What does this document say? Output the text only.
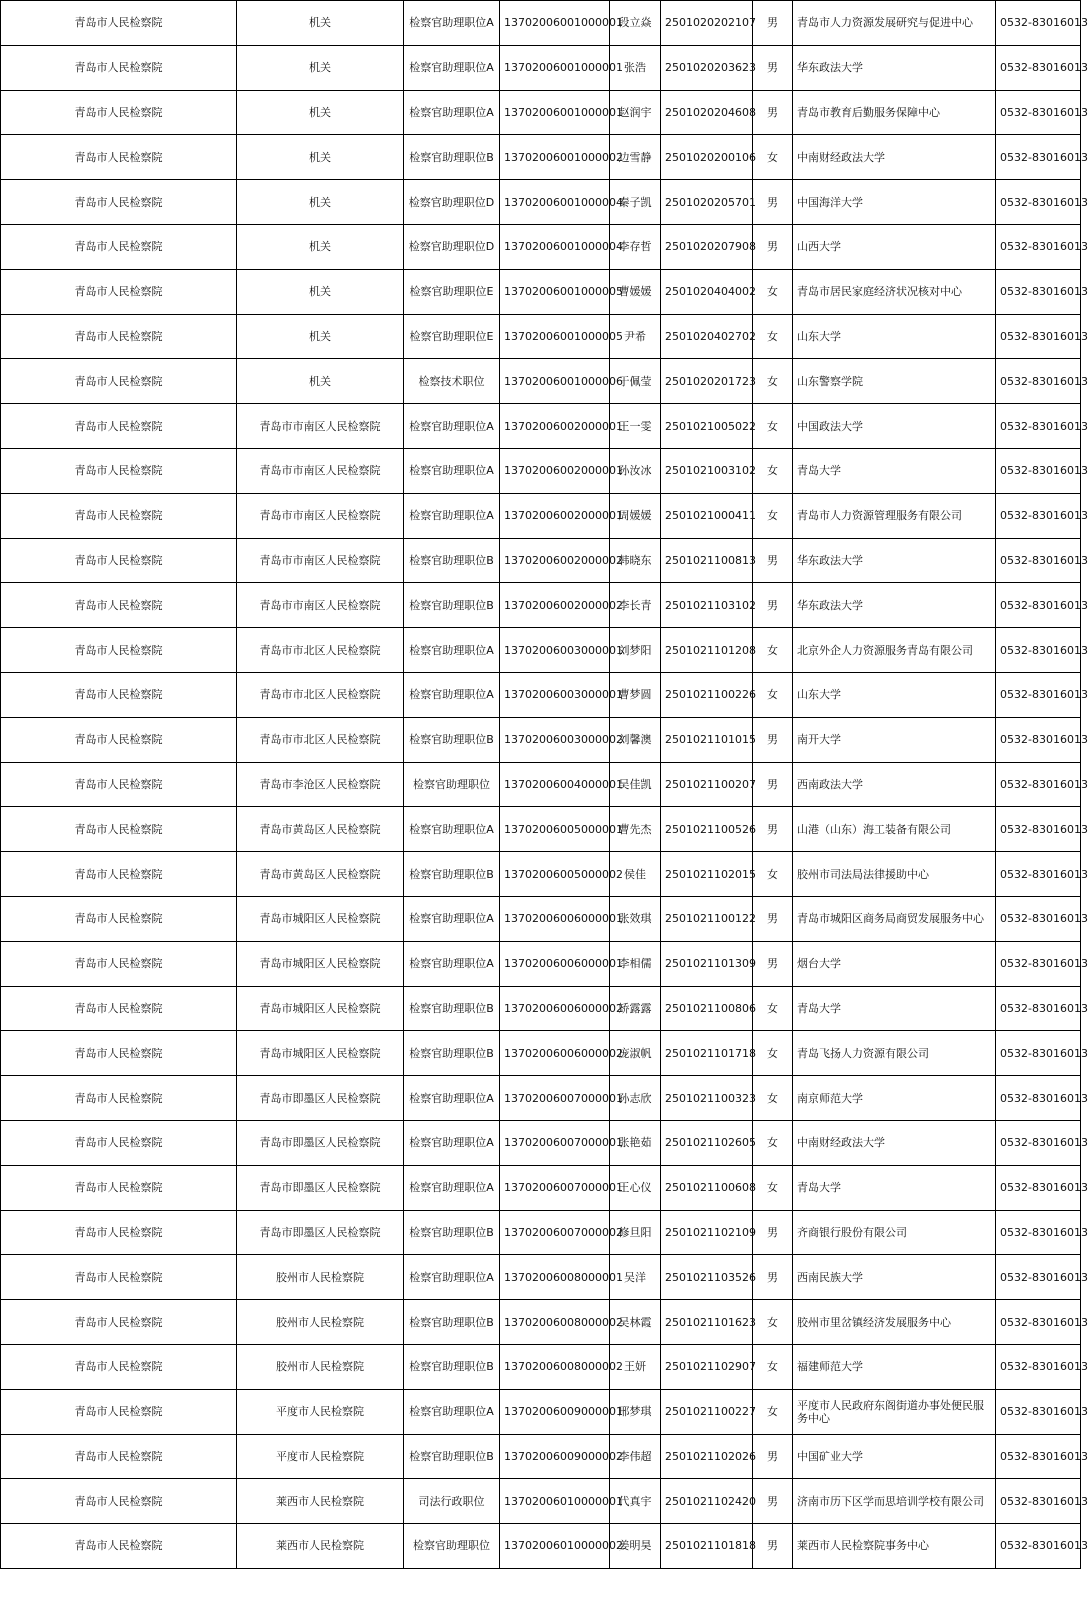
青岛市人民检察院	机关	检察官助理职位A	13702006001000001	段立焱	2501020202107	男	青岛市人力资源发展研究与促进中心	0532-83016013
青岛市人民检察院	机关	检察官助理职位A	13702006001000001	张浩	2501020203623	男	华东政法大学	0532-83016013
青岛市人民检察院	机关	检察官助理职位A	13702006001000001	赵润宇	2501020204608	男	青岛市教育后勤服务保障中心	0532-83016013
青岛市人民检察院	机关	检察官助理职位B	13702006001000002	边雪静	2501020200106	女	中南财经政法大学	0532-83016013
青岛市人民检察院	机关	检察官助理职位D	13702006001000004	秦子凯	2501020205701	男	中国海洋大学	0532-83016013
青岛市人民检察院	机关	检察官助理职位D	13702006001000004	李存哲	2501020207908	男	山西大学	0532-83016013
青岛市人民检察院	机关	检察官助理职位E	13702006001000005	曹媛媛	2501020404002	女	青岛市居民家庭经济状况核对中心	0532-83016013
青岛市人民检察院	机关	检察官助理职位E	13702006001000005	尹希	2501020402702	女	山东大学	0532-83016013
青岛市人民检察院	机关	检察技术职位	13702006001000006	于佩莹	2501020201723	女	山东警察学院	0532-83016013
青岛市人民检察院	青岛市市南区人民检察院	检察官助理职位A	13702006002000001	王一雯	2501021005022	女	中国政法大学	0532-83016013
青岛市人民检察院	青岛市市南区人民检察院	检察官助理职位A	13702006002000001	孙汝冰	2501021003102	女	青岛大学	0532-83016013
青岛市人民检察院	青岛市市南区人民检察院	检察官助理职位A	13702006002000001	周媛媛	2501021000411	女	青岛市人力资源管理服务有限公司	0532-83016013
青岛市人民检察院	青岛市市南区人民检察院	检察官助理职位B	13702006002000002	韩晓东	2501021100813	男	华东政法大学	0532-83016013
青岛市人民检察院	青岛市市南区人民检察院	检察官助理职位B	13702006002000002	李长青	2501021103102	男	华东政法大学	0532-83016013
青岛市人民检察院	青岛市市北区人民检察院	检察官助理职位A	13702006003000001	刘梦阳	2501021101208	女	北京外企人力资源服务青岛有限公司	0532-83016013
青岛市人民检察院	青岛市市北区人民检察院	检察官助理职位A	13702006003000001	曹梦圆	2501021100226	女	山东大学	0532-83016013
青岛市人民检察院	青岛市市北区人民检察院	检察官助理职位B	13702006003000002	刘馨澳	2501021101015	男	南开大学	0532-83016013
青岛市人民检察院	青岛市李沧区人民检察院	检察官助理职位	13702006004000001	吴佳凯	2501021100207	男	西南政法大学	0532-83016013
青岛市人民检察院	青岛市黄岛区人民检察院	检察官助理职位A	13702006005000001	曹先杰	2501021100526	男	山港（山东）海工装备有限公司	0532-83016013
青岛市人民检察院	青岛市黄岛区人民检察院	检察官助理职位B	13702006005000002	侯佳	2501021102015	女	胶州市司法局法律援助中心	0532-83016013
青岛市人民检察院	青岛市城阳区人民检察院	检察官助理职位A	13702006006000001	张效琪	2501021100122	男	青岛市城阳区商务局商贸发展服务中心	0532-83016013
青岛市人民检察院	青岛市城阳区人民检察院	检察官助理职位A	13702006006000001	李相儒	2501021101309	男	烟台大学	0532-83016013
青岛市人民检察院	青岛市城阳区人民检察院	检察官助理职位B	13702006006000002	矫露露	2501021100806	女	青岛大学	0532-83016013
青岛市人民检察院	青岛市城阳区人民检察院	检察官助理职位B	13702006006000002	庞淑帆	2501021101718	女	青岛飞扬人力资源有限公司	0532-83016013
青岛市人民检察院	青岛市即墨区人民检察院	检察官助理职位A	13702006007000001	孙志欣	2501021100323	女	南京师范大学	0532-83016013
青岛市人民检察院	青岛市即墨区人民检察院	检察官助理职位A	13702006007000001	张艳茹	2501021102605	女	中南财经政法大学	0532-83016013
青岛市人民检察院	青岛市即墨区人民检察院	检察官助理职位A	13702006007000001	王心仪	2501021100608	女	青岛大学	0532-83016013
青岛市人民检察院	青岛市即墨区人民检察院	检察官助理职位B	13702006007000002	修旦阳	2501021102109	男	齐商银行股份有限公司	0532-83016013
青岛市人民检察院	胶州市人民检察院	检察官助理职位A	13702006008000001	吴洋	2501021103526	男	西南民族大学	0532-83016013
青岛市人民检察院	胶州市人民检察院	检察官助理职位B	13702006008000002	吴林霞	2501021101623	女	胶州市里岔镇经济发展服务中心	0532-83016013
青岛市人民检察院	胶州市人民检察院	检察官助理职位B	13702006008000002	王妍	2501021102907	女	福建师范大学	0532-83016013
青岛市人民检察院	平度市人民检察院	检察官助理职位A	13702006009000001	邢梦琪	2501021100227	女	平度市人民政府东阁街道办事处便民服务中心	0532-83016013
青岛市人民检察院	平度市人民检察院	检察官助理职位B	13702006009000002	李伟超	2501021102026	男	中国矿业大学	0532-83016013
青岛市人民检察院	莱西市人民检察院	司法行政职位	13702006010000001	代真宇	2501021102420	男	济南市历下区学而思培训学校有限公司	0532-83016013
青岛市人民检察院	莱西市人民检察院	检察官助理职位	13702006010000002	姜明昊	2501021101818	男	莱西市人民检察院事务中心	0532-83016013
